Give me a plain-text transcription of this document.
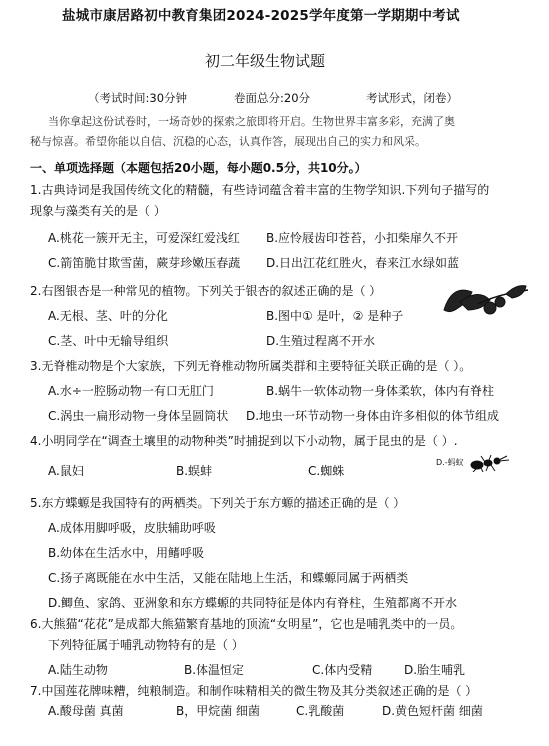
盐城市康居路初中教育集团2024-2025学年度第一学期期中考试
初二年级生物试题
（考试时间:30分钟	卷面总分:20分	考试形式，闭卷）
当你拿起这份试卷时，一场奇妙的探索之旅即将开启。生物世界丰富多彩，充满了奥
秘与惊喜。希望你能以自信、沉稳的心态，认真作答，展现出自己的实力和风采。
一、单项选择题（本题包括20小题，每小题0.5分，共10分。）
1.古典诗词是我国传统文化的精髓，有些诗词蕴含着丰富的生物学知识.下列句子描写的
现象与藻类有关的是（ ）
A.桃花一簇开无主，可爱深红爱浅红 B.应怜屐齿印苍苔，小扣柴扉久不开
C.箭笛脆甘欺雪菌，蕨芽珍嫩压春蔬 D.日出江花红胜火，春来江水绿如蓝
2.右图银杏是一种常见的植物。下列关于银杏的叙述正确的是（ ）
A.无根、茎、叶的分化	B.图中① 是叶，② 是种子
C.茎、叶中无输导组织	D.生殖过程离不开水
3.无脊椎动物是个大家族，下列无脊椎动物所属类群和主要特征关联正确的是（ ）。
A.水÷一腔肠动物一有口无肛门	B.蜗牛一软体动物一身体柔软，体内有脊柱
C.涡虫一扁形动物一身体呈圆筒状 D.地虫一环节动物一身体由许多相似的体节组成
4.小明同学在“调查土壤里的动物种类”时捕捉到以下小动物，属于昆虫的是（ ）.
A.鼠妇	B.蜈蚌	C.蜘蛛
D.-蚂蚁
5.东方蝶螈是我国特有的两栖类。下列关于东方螈的描述正确的是（ ）
A.成体用脚呼吸，皮肤辅助呼吸
B.幼体在生活水中，用鳍呼吸
C.扬子离既能在水中生活，又能在陆地上生活，和蝶螈同属于两栖类
D.鲫鱼、家鸽、亚洲象和东方蝶螈的共同特征是体内有脊柱，生殖都离不开水
6.大熊猫“花花”是成都大熊猫繁育基地的顶流“女明星”，它也是哺乳类中的一员。
下列特征属于哺乳动物特有的是（ ）
A.陆生动物	B.体温恒定	C.体内受精	D.胎生哺乳
7.中国莲花牌味糟，纯粮制造。和制作味精相关的微生物及其分类叙述正确的是（ ）
A.酸母菌 真菌	B，甲烷菌 细菌	C.乳酸菌	D.黄色短杆菌 细菌
